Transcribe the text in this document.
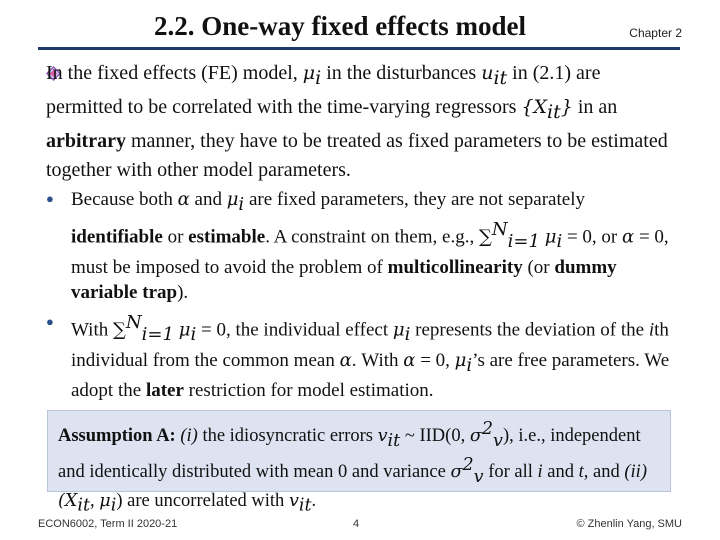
2.2. One-way fixed effects model	Chapter 2
In the fixed effects (FE) model, $\mu_i$ in the disturbances $u_{it}$ in (2.1) are permitted to be correlated with the time-varying regressors $\{X_{it}\}$ in an arbitrary manner, they have to be treated as fixed parameters to be estimated together with other model parameters.
● Because both α and $\mu_i$ are fixed parameters, they are not separately identifiable or estimable. A constraint on them, e.g., ∑$^N_{i=1}$ $\mu_i = 0$, or α = 0, must be imposed to avoid the problem of multicollinearity (or dummy variable trap).
● With ∑$^N_{i=1}$ $\mu_i = 0$, the individual effect $\mu_i$ represents the deviation of the ith individual from the common mean α. With α = 0, $\mu_i’s$ are free parameters. We adopt the later restriction for model estimation.
Assumption A: (i) the idiosyncratic errors $v_{it}$ ~ IID(0, $\sigma^2_v$), i.e., independent and identically distributed with mean 0 and variance $\sigma^2_v$ for all i and t, and (ii) ($X_{it}$, $\mu_i$) are uncorrelated with $v_{it}$.
ECON6002, Term II 2020-21	4	© Zhenlin Yang, SMU
